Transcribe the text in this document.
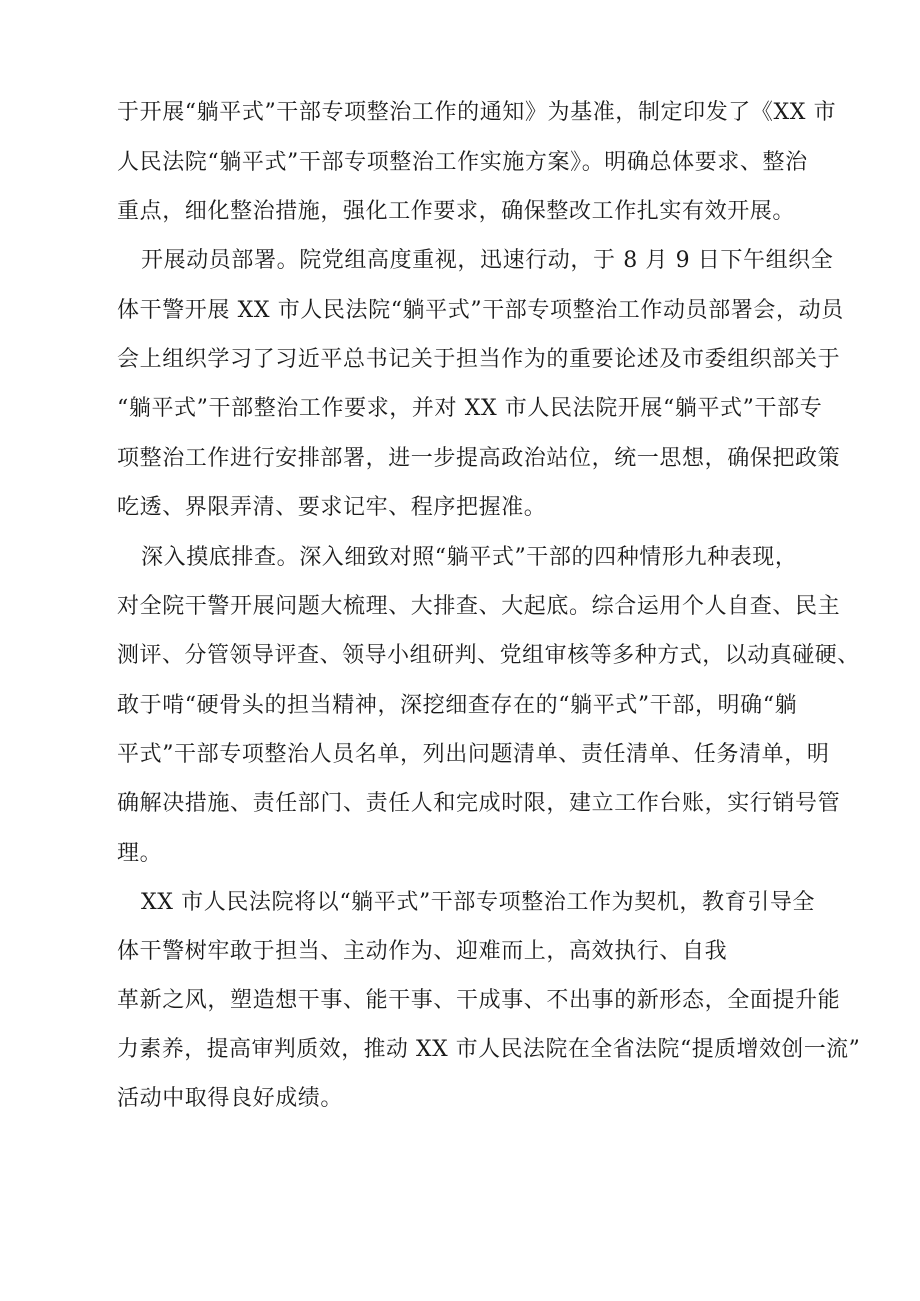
于开展“躺平式”干部专项整治工作的通知》为基准，制定印发了《XX 市
人民法院“躺平式”干部专项整治工作实施方案》。明确总体要求、整治
重点，细化整治措施，强化工作要求，确保整改工作扎实有效开展。
开展动员部署。院党组高度重视，迅速行动，于 8 月 9 日下午组织全
体干警开展 XX 市人民法院“躺平式”干部专项整治工作动员部署会，动员
会上组织学习了习近平总书记关于担当作为的重要论述及市委组织部关于
“躺平式”干部整治工作要求，并对 XX 市人民法院开展“躺平式”干部专
项整治工作进行安排部署，进一步提高政治站位，统一思想，确保把政策
吃透、界限弄清、要求记牢、程序把握准。
深入摸底排查。深入细致对照“躺平式”干部的四种情形九种表现，
对全院干警开展问题大梳理、大排查、大起底。综合运用个人自查、民主
测评、分管领导评查、领导小组研判、党组审核等多种方式，以动真碰硬、
敢于啃“硬骨头的担当精神，深挖细查存在的“躺平式”干部，明确“躺
平式”干部专项整治人员名单，列出问题清单、责任清单、任务清单，明
确解决措施、责任部门、责任人和完成时限，建立工作台账，实行销号管
理。
XX 市人民法院将以“躺平式”干部专项整治工作为契机，教育引导全
体干警树牢敢于担当、主动作为、迎难而上，高效执行、自我
革新之风，塑造想干事、能干事、干成事、不出事的新形态，全面提升能
力素养，提高审判质效，推动 XX 市人民法院在全省法院“提质增效创一流”
活动中取得良好成绩。
